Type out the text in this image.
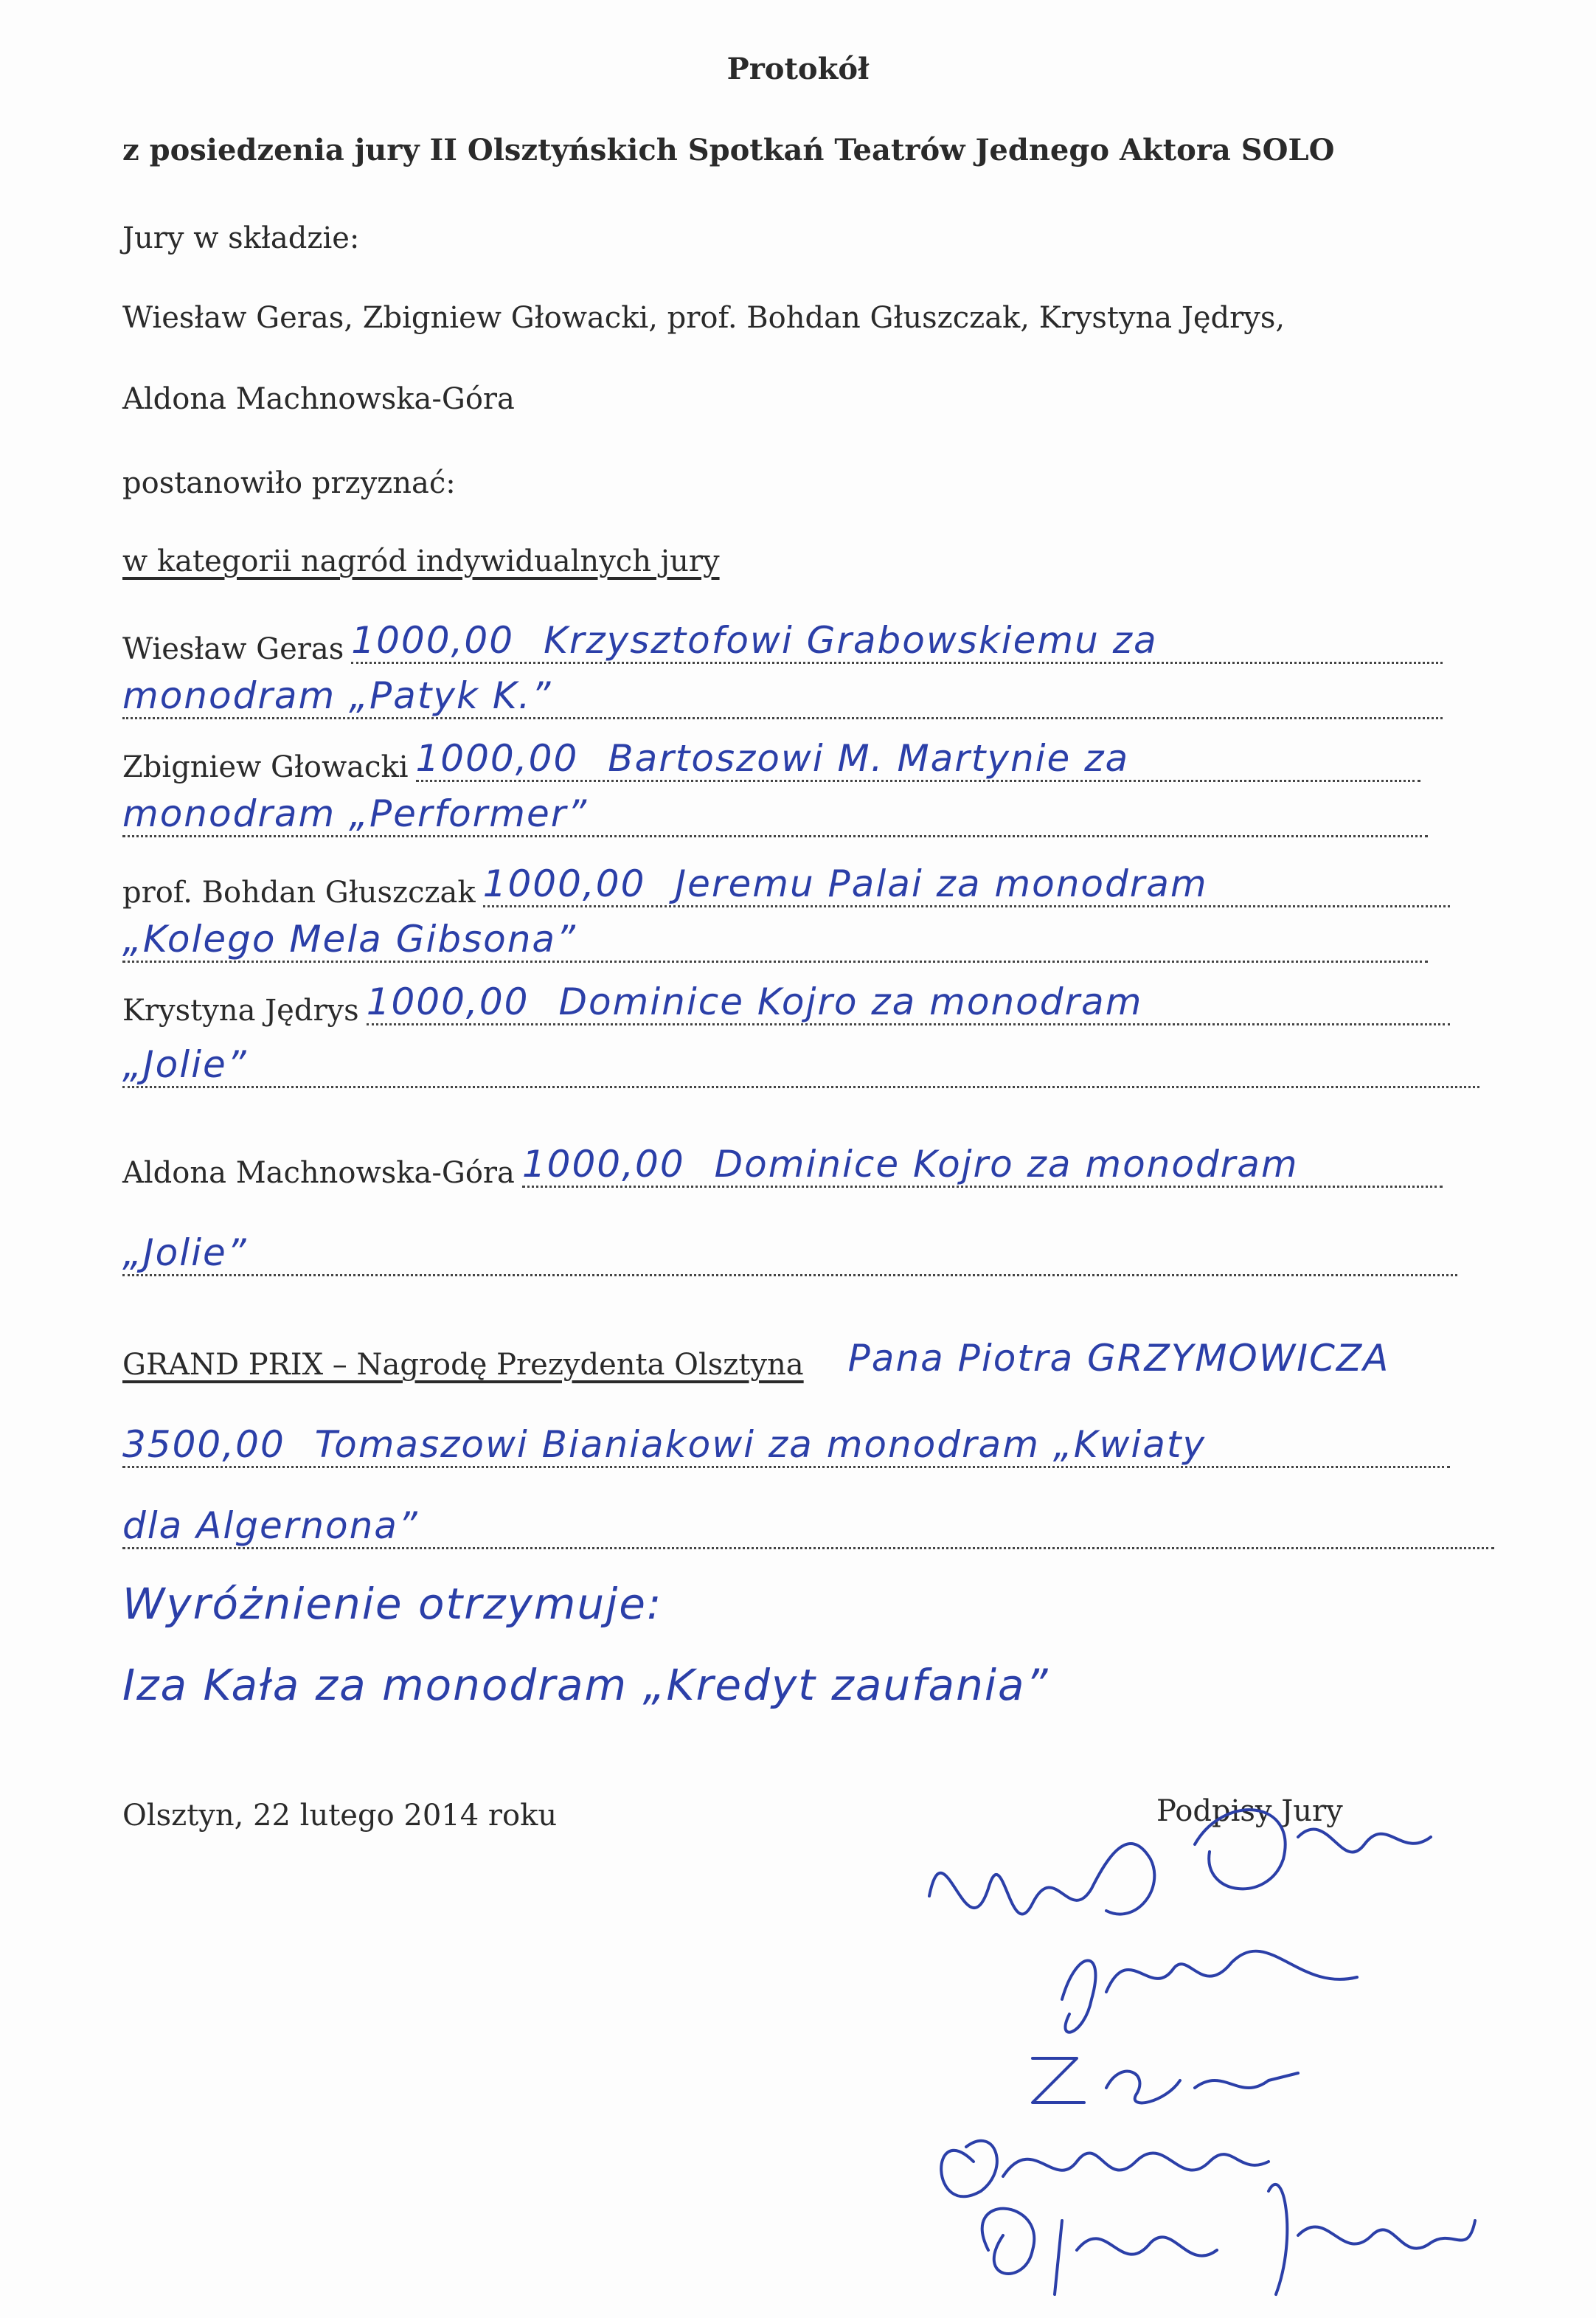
Protokół
z posiedzenia jury II Olsztyńskich Spotkań Teatrów Jednego Aktora SOLO
Jury w składzie:
Wiesław Geras, Zbigniew Głowacki, prof. Bohdan Głuszczak, Krystyna Jędrys,
Aldona Machnowska-Góra
postanowiło przyznać:
w kategorii nagród indywidualnych jury
Wiesław Geras 1000,00 Krzysztofowi Grabowskiemu za
monodram „Patyk K.”
Zbigniew Głowacki 1000,00 Bartoszowi M. Martynie za
monodram „Performer”
prof. Bohdan Głuszczak 1000,00 Jeremu Palai za monodram
„Kolego Mela Gibsona”
Krystyna Jędrys 1000,00 Dominice Kojro za monodram
„Jolie”
Aldona Machnowska-Góra 1000,00 Dominice Kojro za monodram
„Jolie”
GRAND PRIX – Nagrodę Prezydenta Olsztyna Pana Piotra GRZYMOWICZA
3500,00 Tomaszowi Bianiakowi za monodram „Kwiaty
dla Algernona”
Wyróżnienie otrzymuje:
Iza Kała za monodram „Kredyt zaufania”
Olsztyn, 22 lutego 2014 roku	Podpisy Jury
